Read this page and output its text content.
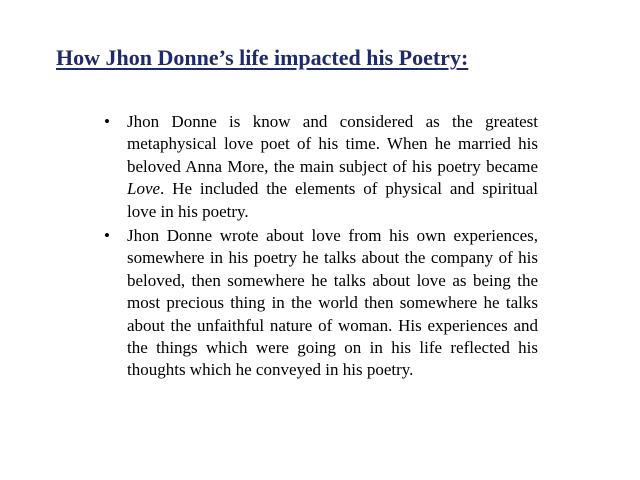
How Jhon Donne’s life impacted his Poetry:
• Jhon Donne is know and considered as the greatest metaphysical love poet of his time. When he married his beloved Anna More, the main subject of his poetry became Love. He included the elements of physical and spiritual love in his poetry.
• Jhon Donne wrote about love from his own experiences, somewhere in his poetry he talks about the company of his beloved, then somewhere he talks about love as being the most precious thing in the world then somewhere he talks about the unfaithful nature of woman. His experiences and the things which were going on in his life reflected his thoughts which he conveyed in his poetry.
